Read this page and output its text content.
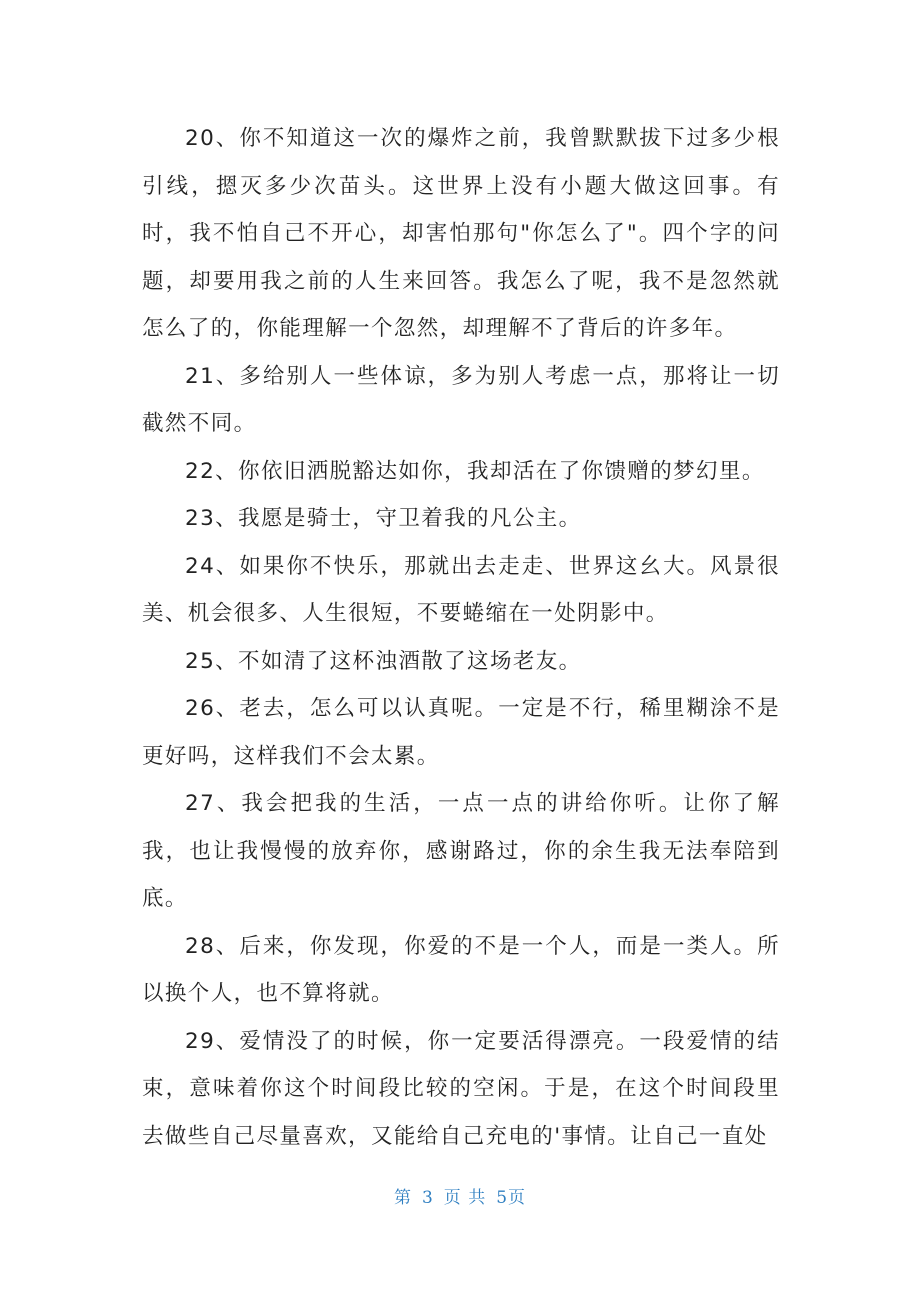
20、你不知道这一次的爆炸之前，我曾默默拔下过多少根引线，摁灭多少次苗头。这世界上没有小题大做这回事。有时，我不怕自己不开心，却害怕那句"你怎么了"。四个字的问题，却要用我之前的人生来回答。我怎么了呢，我不是忽然就怎么了的，你能理解一个忽然，却理解不了背后的许多年。

21、多给别人一些体谅，多为别人考虑一点，那将让一切截然不同。

22、你依旧洒脱豁达如你，我却活在了你馈赠的梦幻里。

23、我愿是骑士，守卫着我的凡公主。

24、如果你不快乐，那就出去走走、世界这幺大。风景很美、机会很多、人生很短，不要蜷缩在一处阴影中。

25、不如清了这杯浊酒散了这场老友。

26、老去，怎么可以认真呢。一定是不行，稀里糊涂不是更好吗，这样我们不会太累。

27、我会把我的生活，一点一点的讲给你听。让你了解我，也让我慢慢的放弃你，感谢路过，你的余生我无法奉陪到底。

28、后来，你发现，你爱的不是一个人，而是一类人。所以换个人，也不算将就。

29、爱情没了的时候，你一定要活得漂亮。一段爱情的结束，意味着你这个时间段比较的空闲。于是，在这个时间段里去做些自己尽量喜欢，又能给自己充电的'事情。让自己一直处

第 3 页 共 5页
